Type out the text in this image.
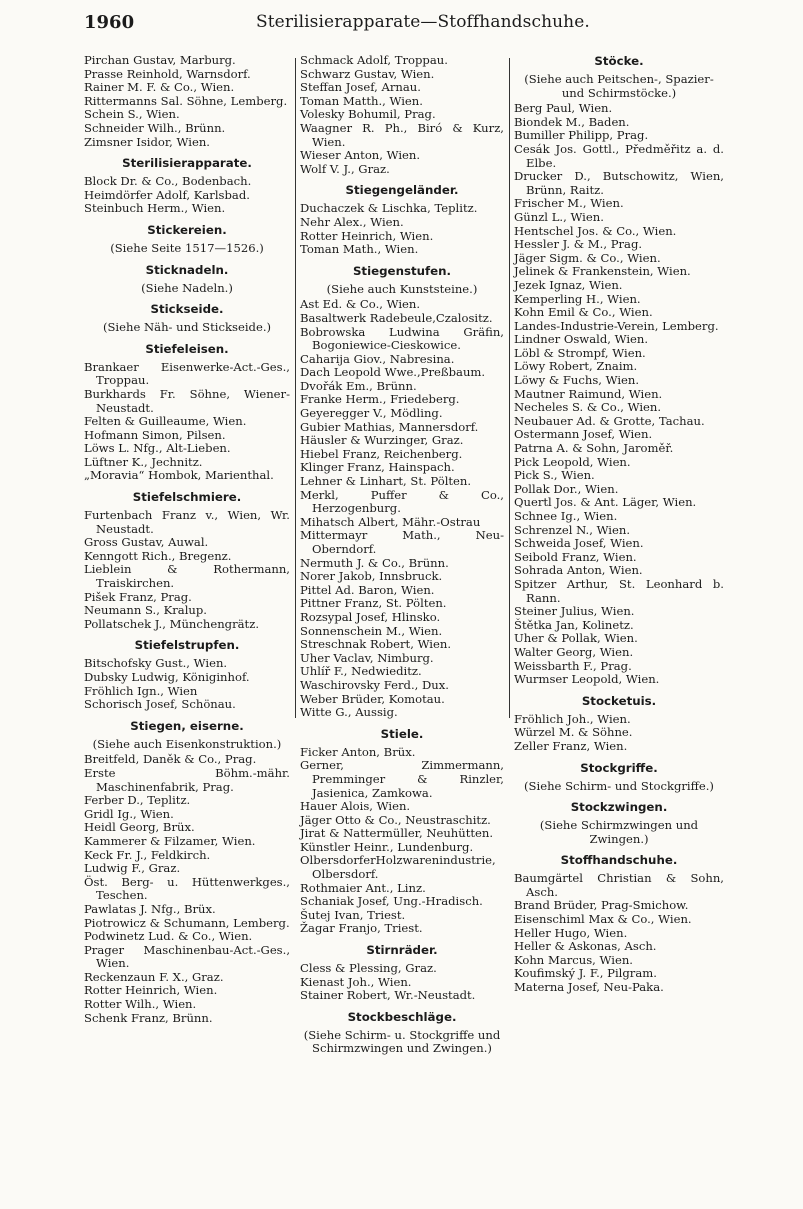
1960	Sterilisierapparate—Stoffhandschuhe.
Pirchan Gustav, Marburg.
Prasse Reinhold, Warnsdorf.
Rainer M. F. & Co., Wien.
Rittermanns Sal. Söhne, Lemberg.
Schein S., Wien.
Schneider Wilh., Brünn.
Zimsner Isidor, Wien.
Sterilisierapparate.
Block Dr. & Co., Bodenbach.
Heimdörfer Adolf, Karlsbad.
Steinbuch Herm., Wien.
Stickereien.
(Siehe Seite 1517—1526.)
Sticknadeln.
(Siehe Nadeln.)
Stickseide.
(Siehe Näh- und Stickseide.)
Stiefeleisen.
Brankaer Eisenwerke-Act.-Ges., Troppau.
Burkhards Fr. Söhne, Wiener-Neustadt.
Felten & Guilleaume, Wien.
Hofmann Simon, Pilsen.
Löws L. Nfg., Alt-Lieben.
Lüftner K., Jechnitz.
„Moravia“ Hombok, Marienthal.
Stiefelschmiere.
Furtenbach Franz v., Wien, Wr. Neustadt.
Gross Gustav, Auwal.
Kenngott Rich., Bregenz.
Lieblein & Rothermann, Traiskirchen.
Pišek Franz, Prag.
Neumann S., Kralup.
Pollatschek J., Münchengrätz.
Stiefelstrupfen.
Bitschofsky Gust., Wien.
Dubsky Ludwig, Königinhof.
Fröhlich Ign., Wien
Schorisch Josef, Schönau.
Stiegen, eiserne.
(Siehe auch Eisenkonstruktion.)
Breitfeld, Daněk & Co., Prag.
Erste Böhm.-mähr. Maschinenfabrik, Prag.
Ferber D., Teplitz.
Gridl Ig., Wien.
Heidl Georg, Brüx.
Kammerer & Filzamer, Wien.
Keck Fr. J., Feldkirch.
Ludwig F., Graz.
Öst. Berg- u. Hüttenwerkges., Teschen.
Pawlatas J. Nfg., Brüx.
Piotrowicz & Schumann, Lemberg.
Podwinetz Lud. & Co., Wien.
Prager Maschinenbau-Act.-Ges., Wien.
Reckenzaun F. X., Graz.
Rotter Heinrich, Wien.
Rotter Wilh., Wien.
Schenk Franz, Brünn.
Schmack Adolf, Troppau.
Schwarz Gustav, Wien.
Steffan Josef, Arnau.
Toman Matth., Wien.
Volesky Bohumil, Prag.
Waagner R. Ph., Biró & Kurz, Wien.
Wieser Anton, Wien.
Wolf V. J., Graz.
Stiegengeländer.
Duchaczek & Lischka, Teplitz.
Nehr Alex., Wien.
Rotter Heinrich, Wien.
Toman Math., Wien.
Stiegenstufen.
(Siehe auch Kunststeine.)
Ast Ed. & Co., Wien.
Basaltwerk Radebeule,Czalositz.
Bobrowska Ludwina Gräfin, Bogoniewice-Cieskowice.
Caharija Giov., Nabresina.
Dach Leopold Wwe.,Preßbaum.
Dvořák Em., Brünn.
Franke Herm., Friedeberg.
Geyeregger V., Mödling.
Gubier Mathias, Mannersdorf.
Häusler & Wurzinger, Graz.
Hiebel Franz, Reichenberg.
Klinger Franz, Hainspach.
Lehner & Linhart, St. Pölten.
Merkl, Puffer & Co., Herzogenburg.
Mihatsch Albert, Mähr.-Ostrau
Mittermayr Math., Neu-Oberndorf.
Nermuth J. & Co., Brünn.
Norer Jakob, Innsbruck.
Pittel Ad. Baron, Wien.
Pittner Franz, St. Pölten.
Rozsypal Josef, Hlinsko.
Sonnenschein M., Wien.
Streschnak Robert, Wien.
Uher Vaclav, Nimburg.
Uhlíř F., Nedwieditz.
Waschirovsky Ferd., Dux.
Weber Brüder, Komotau.
Witte G., Aussig.
Stiele.
Ficker Anton, Brüx.
Gerner, Zimmermann, Premminger & Rinzler, Jasienica, Zamkowa.
Hauer Alois, Wien.
Jäger Otto & Co., Neustraschitz.
Jirat & Nattermüller, Neuhütten.
Künstler Heinr., Lundenburg.
OlbersdorferHolzwarenindustrie, Olbersdorf.
Rothmaier Ant., Linz.
Schaniak Josef, Ung.-Hradisch.
Šutej Ivan, Triest.
Žagar Franjo, Triest.
Stirnräder.
Cless & Plessing, Graz.
Kienast Joh., Wien.
Stainer Robert, Wr.-Neustadt.
Stockbeschläge.
(Siehe Schirm- u. Stockgriffe und Schirmzwingen und Zwingen.)
Stöcke.
(Siehe auch Peitschen-, Spazier- und Schirmstöcke.)
Berg Paul, Wien.
Biondek M., Baden.
Bumiller Philipp, Prag.
Cesák Jos. Gottl., Předměřitz a. d. Elbe.
Drucker D., Butschowitz, Wien, Brünn, Raitz.
Frischer M., Wien.
Günzl L., Wien.
Hentschel Jos. & Co., Wien.
Hessler J. & M., Prag.
Jäger Sigm. & Co., Wien.
Jelinek & Frankenstein, Wien.
Jezek Ignaz, Wien.
Kemperling H., Wien.
Kohn Emil & Co., Wien.
Landes-Industrie-Verein, Lemberg.
Lindner Oswald, Wien.
Löbl & Strompf, Wien.
Löwy Robert, Znaim.
Löwy & Fuchs, Wien.
Mautner Raimund, Wien.
Necheles S. & Co., Wien.
Neubauer Ad. & Grotte, Tachau.
Ostermann Josef, Wien.
Patrna A. & Sohn, Jaroměř.
Pick Leopold, Wien.
Pick S., Wien.
Pollak Dor., Wien.
Quertl Jos. & Ant. Läger, Wien.
Schnee Ig., Wien.
Schrenzel N., Wien.
Schweida Josef, Wien.
Seibold Franz, Wien.
Sohrada Anton, Wien.
Spitzer Arthur, St. Leonhard b. Rann.
Steiner Julius, Wien.
Štětka Jan, Kolinetz.
Uher & Pollak, Wien.
Walter Georg, Wien.
Weissbarth F., Prag.
Wurmser Leopold, Wien.
Stocketuis.
Fröhlich Joh., Wien.
Würzel M. & Söhne.
Zeller Franz, Wien.
Stockgriffe.
(Siehe Schirm- und Stockgriffe.)
Stockzwingen.
(Siehe Schirmzwingen und Zwingen.)
Stoffhandschuhe.
Baumgärtel Christian & Sohn, Asch.
Brand Brüder, Prag-Smichow.
Eisenschiml Max & Co., Wien.
Heller Hugo, Wien.
Heller & Askonas, Asch.
Kohn Marcus, Wien.
Koufimský J. F., Pilgram.
Materna Josef, Neu-Paka.
